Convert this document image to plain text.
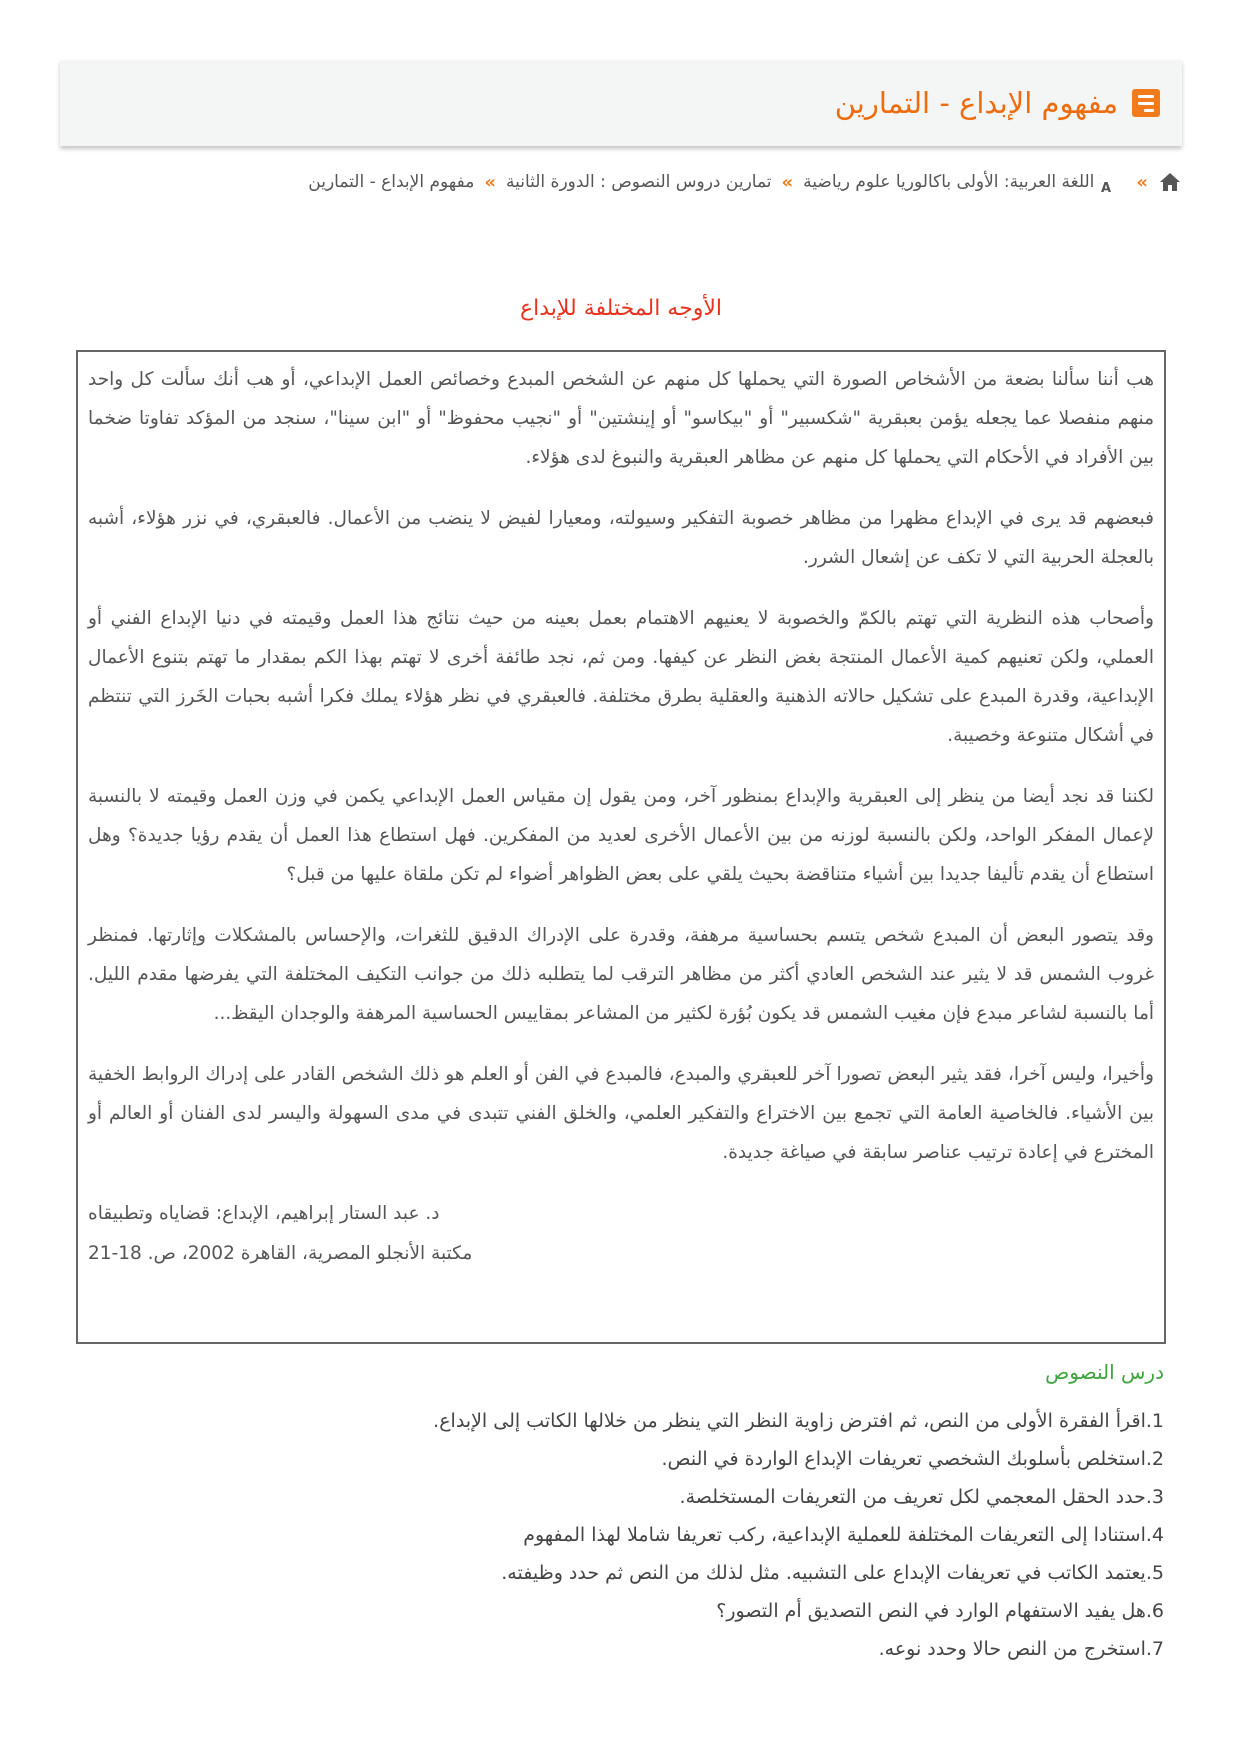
مفهوم الإبداع - التمارين
»
A
اللغة العربية: الأولى باكالوريا علوم رياضية
»
تمارين دروس النصوص : الدورة الثانية
»
مفهوم الإبداع - التمارين
الأوجه المختلفة للإبداع

هب أننا سألنا بضعة من الأشخاص الصورة التي يحملها كل منهم عن الشخص المبدع وخصائص العمل الإبداعي، أو هب أنك سألت كل واحد منهم منفصلا عما يجعله يؤمن بعبقرية "شكسبير" أو "بيكاسو" أو إينشتين" أو "نجيب محفوظ" أو "ابن سينا"، سنجد من المؤكد تفاوتا ضخما بين الأفراد في الأحكام التي يحملها كل منهم عن مظاهر العبقرية والنبوغ لدى هؤلاء.

فبعضهم قد يرى في الإبداع مظهرا من مظاهر خصوبة التفكير وسيولته، ومعيارا لفيض لا ينضب من الأعمال. فالعبقري، في نزر هؤلاء، أشبه بالعجلة الحربية التي لا تكف عن إشعال الشرر.

وأصحاب هذه النظرية التي تهتم بالكمّ والخصوبة لا يعنيهم الاهتمام بعمل بعينه من حيث نتائج هذا العمل وقيمته في دنيا الإبداع الفني أو العملي، ولكن تعنيهم كمية الأعمال المنتجة بغض النظر عن كيفها. ومن ثم، نجد طائفة أخرى لا تهتم بهذا الكم بمقدار ما تهتم بتنوع الأعمال الإبداعية، وقدرة المبدع على تشكيل حالاته الذهنية والعقلية بطرق مختلفة. فالعبقري في نظر هؤلاء يملك فكرا أشبه بحبات الخَرز التي تنتظم في أشكال متنوعة وخصيبة.

لكننا قد نجد أيضا من ينظر إلى العبقرية والإبداع بمنظور آخر، ومن يقول إن مقياس العمل الإبداعي يكمن في وزن العمل وقيمته لا بالنسبة لإعمال المفكر الواحد، ولكن بالنسبة لوزنه من بين الأعمال الأخرى لعديد من المفكرين. فهل استطاع هذا العمل أن يقدم رؤيا جديدة؟ وهل استطاع أن يقدم تأليفا جديدا بين أشياء متناقضة بحيث يلقي على بعض الظواهر أضواء لم تكن ملقاة عليها من قبل؟

وقد يتصور البعض أن المبدع شخص يتسم بحساسية مرهفة، وقدرة على الإدراك الدقيق للثغرات، والإحساس بالمشكلات وإثارتها. فمنظر غروب الشمس قد لا يثير عند الشخص العادي أكثر من مظاهر الترقب لما يتطلبه ذلك من جوانب التكيف المختلفة التي يفرضها مقدم الليل. أما بالنسبة لشاعر مبدع فإن مغيب الشمس قد يكون بُؤرة لكثير من المشاعر بمقاييس الحساسية المرهفة والوجدان اليقظ...

وأخيرا، وليس آخرا، فقد يثير البعض تصورا آخر للعبقري والمبدع، فالمبدع في الفن أو العلم هو ذلك الشخص القادر على إدراك الروابط الخفية بين الأشياء. فالخاصية العامة التي تجمع بين الاختراع والتفكير العلمي، والخلق الفني تتبدى في مدى السهولة واليسر لدى الفنان أو العالم أو المخترع في إعادة ترتيب عناصر سابقة في صياغة جديدة.

د. عبد الستار إبراهيم، الإبداع: قضاياه وتطبيقاه
مكتبة الأنجلو المصرية، القاهرة 2002، ص. 18-21
درس النصوص
1.اقرأ الفقرة الأولى من النص، ثم افترض زاوية النظر التي ينظر من خلالها الكاتب إلى الإبداع.
2.استخلص بأسلوبك الشخصي تعريفات الإبداع الواردة في النص.
3.حدد الحقل المعجمي لكل تعريف من التعريفات المستخلصة.
4.استنادا إلى التعريفات المختلفة للعملية الإبداعية، ركب تعريفا شاملا لهذا المفهوم
5.يعتمد الكاتب في تعريفات الإبداع على التشبيه. مثل لذلك من النص ثم حدد وظيفته.
6.هل يفيد الاستفهام الوارد في النص التصديق أم التصور؟
7.استخرج من النص حالا وحدد نوعه.
